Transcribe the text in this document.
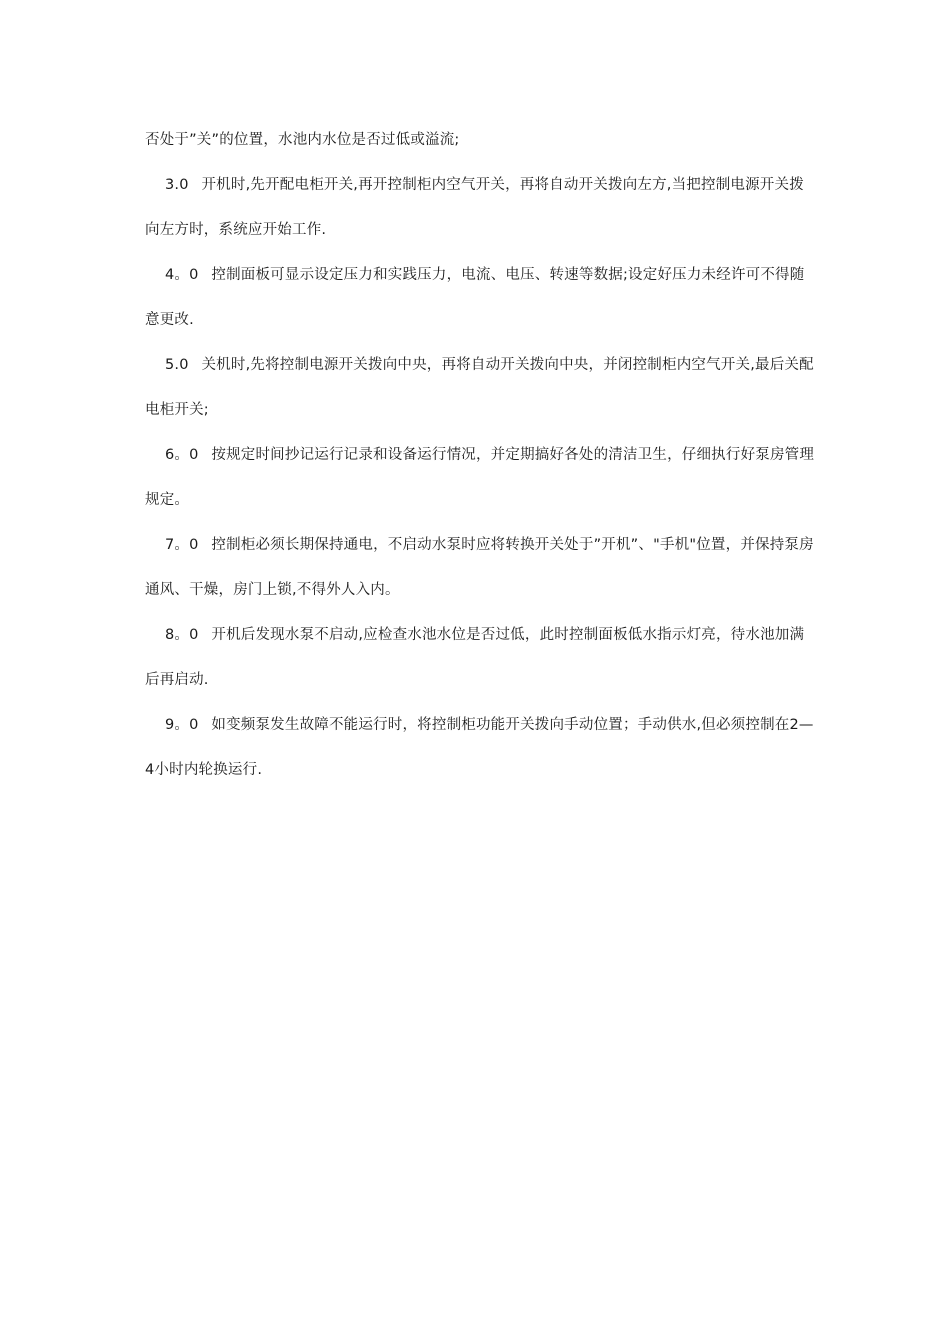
否处于”关”的位置，水池内水位是否过低或溢流;

3.0 开机时,先开配电柜开关,再开控制柜内空气开关，再将自动开关拨向左方,当把控制电源开关拨向左方时，系统应开始工作.

4。0 控制面板可显示设定压力和实践压力，电流、电压、转速等数据;设定好压力未经许可不得随意更改.

5.0 关机时,先将控制电源开关拨向中央，再将自动开关拨向中央，并闭控制柜内空气开关,最后关配电柜开关;

6。0 按规定时间抄记运行记录和设备运行情况，并定期搞好各处的清洁卫生，仔细执行好泵房管理规定。

7。0 控制柜必须长期保持通电，不启动水泵时应将转换开关处于”开机”、"手机"位置，并保持泵房通风、干燥，房门上锁,不得外人入内。

8。0 开机后发现水泵不启动,应检查水池水位是否过低，此时控制面板低水指示灯亮，待水池加满后再启动.

9。0 如变频泵发生故障不能运行时，将控制柜功能开关拨向手动位置；手动供水,但必须控制在2—4小时内轮换运行.
